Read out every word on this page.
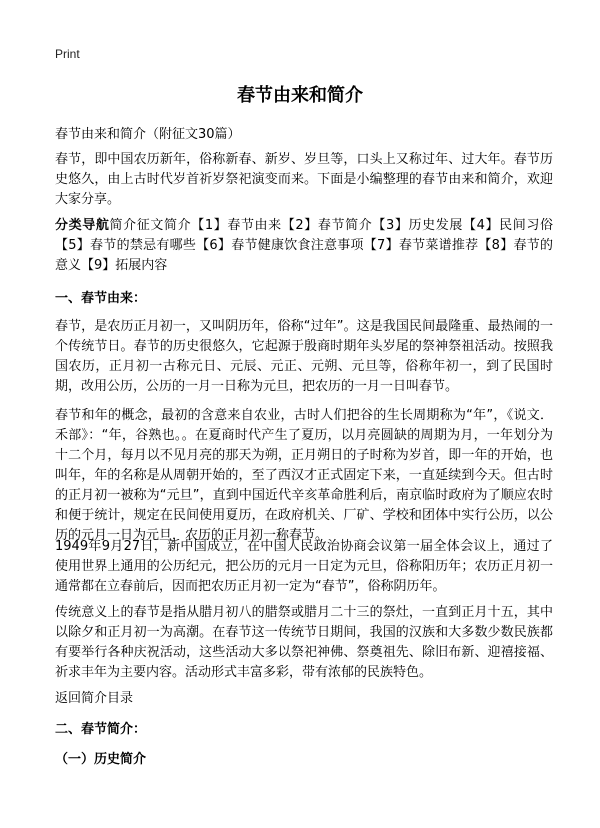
Print
春节由来和简介
春节由来和简介（附征文30篇）

春节，即中国农历新年，俗称新春、新岁、岁旦等，口头上又称过年、过大年。春节历史悠久，由上古时代岁首祈岁祭祀演变而来。下面是小编整理的春节由来和简介，欢迎大家分享。

分类导航简介征文简介【1】春节由来【2】春节简介【3】历史发展【4】民间习俗【5】春节的禁忌有哪些【6】春节健康饮食注意事项【7】春节菜谱推荐【8】春节的意义【9】拓展内容

一、春节由来：

春节，是农历正月初一，又叫阴历年，俗称“过年”。这是我国民间最隆重、最热闹的一个传统节日。春节的历史很悠久，它起源于殷商时期年头岁尾的祭神祭祖活动。按照我国农历，正月初一古称元日、元辰、元正、元朔、元旦等，俗称年初一，到了民国时期，改用公历，公历的一月一日称为元旦，把农历的一月一日叫春节。

春节和年的概念，最初的含意来自农业，古时人们把谷的生长周期称为“年”，《说文．禾部》：“年，谷熟也。。在夏商时代产生了夏历，以月亮圆缺的周期为月，一年划分为十二个月，每月以不见月亮的那天为朔，正月朔日的子时称为岁首，即一年的开始，也叫年，年的名称是从周朝开始的，至了西汉才正式固定下来，一直延续到今天。但古时的正月初一被称为“元旦”，直到中国近代辛亥革命胜利后，南京临时政府为了顺应农时和便于统计，规定在民间使用夏历，在政府机关、厂矿、学校和团体中实行公历，以公历的元月一日为元旦，农历的正月初一称春节。

1949年9月27日，新中国成立，在中国人民政治协商会议第一届全体会议上，通过了使用世界上通用的公历纪元，把公历的元月一日定为元旦，俗称阳历年；农历正月初一通常都在立春前后，因而把农历正月初一定为“春节”，俗称阴历年。

传统意义上的春节是指从腊月初八的腊祭或腊月二十三的祭灶，一直到正月十五，其中以除夕和正月初一为高潮。在春节这一传统节日期间，我国的汉族和大多数少数民族都有要举行各种庆祝活动，这些活动大多以祭祀神佛、祭奠祖先、除旧布新、迎禧接福、祈求丰年为主要内容。活动形式丰富多彩，带有浓郁的民族特色。

返回简介目录
二、春节简介：
（一）历史简介
